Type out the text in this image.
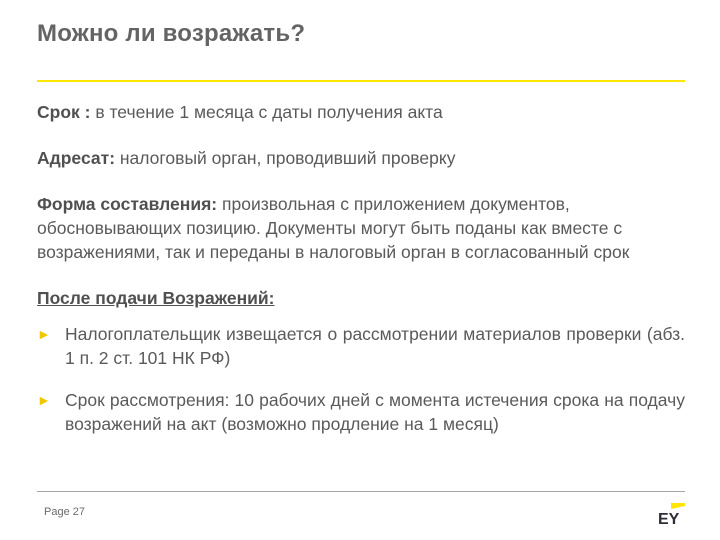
Можно ли возражать?

Срок : в течение 1 месяца с даты получения акта

Адресат: налоговый орган, проводивший проверку

Форма составления: произвольная с приложением документов, обосновывающих позицию. Документы могут быть поданы как вместе с возражениями, так и переданы в налоговый орган в согласованный срок

После подачи Возражений:

► Налогоплательщик извещается о рассмотрении материалов проверки (абз. 1 п. 2 ст. 101 НК РФ)
► Срок рассмотрения: 10 рабочих дней с момента истечения срока на подачу возражений на акт (возможно продление на 1 месяц)
Page 27	EY
